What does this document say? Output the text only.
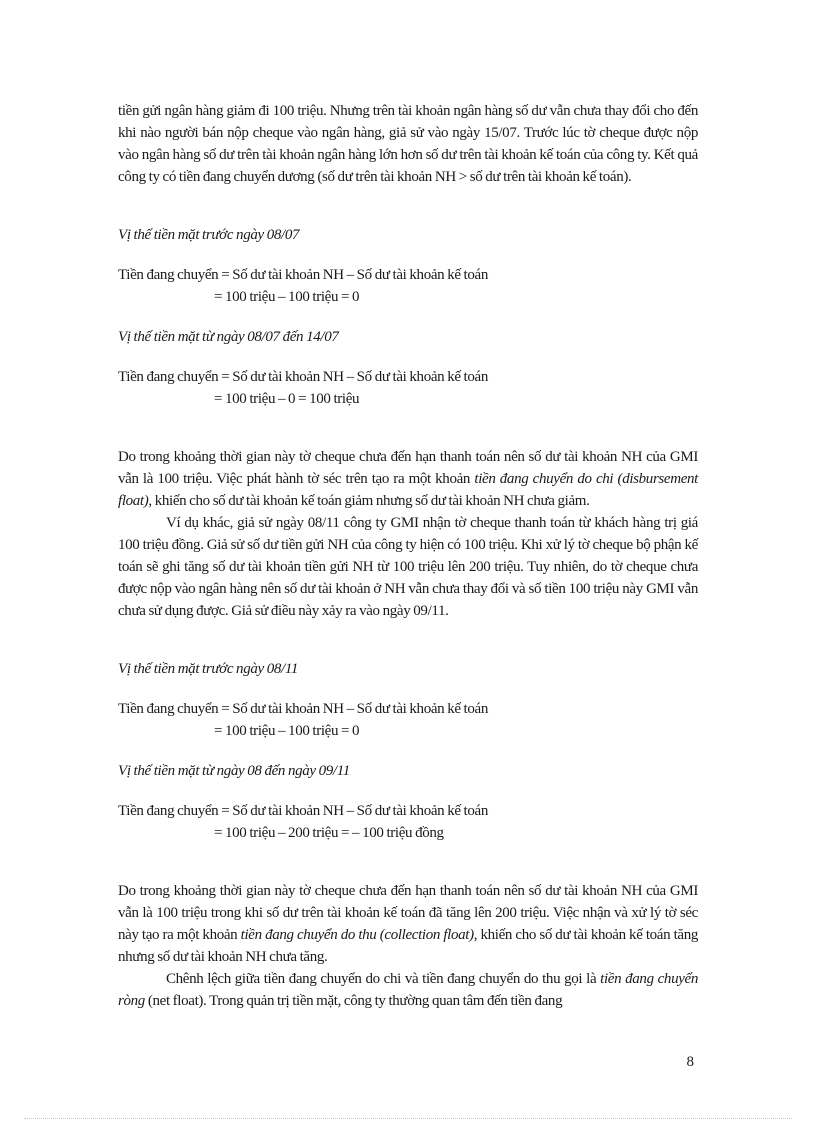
tiền gửi ngân hàng giảm đi 100 triệu. Nhưng trên tài khoản ngân hàng số dư vẫn chưa thay đổi cho đến khi nào người bán nộp cheque vào ngân hàng, giả sử vào ngày 15/07. Trước lúc tờ cheque được nộp vào ngân hàng số dư trên tài khoản ngân hàng lớn hơn số dư trên tài khoản kế toán của công ty. Kết quả công ty có tiền đang chuyển dương (số dư trên tài khoản NH > số dư trên tài khoản kế toán).

Vị thế tiền mặt trước ngày 08/07

Tiền đang chuyển = Số dư tài khoản NH – Số dư tài khoản kế toán

= 100 triệu – 100 triệu = 0

Vị thế tiền mặt từ ngày 08/07 đến 14/07

Tiền đang chuyển = Số dư tài khoản NH – Số dư tài khoản kế toán

= 100 triệu – 0 = 100 triệu

Do trong khoảng thời gian này tờ cheque chưa đến hạn thanh toán nên số dư tài khoản NH của GMI vẫn là 100 triệu. Việc phát hành tờ séc trên tạo ra một khoản tiền đang chuyển do chi (disbursement float), khiến cho số dư tài khoản kế toán giảm nhưng số dư tài khoản NH chưa giảm.

Ví dụ khác, giả sử ngày 08/11 công ty GMI nhận tờ cheque thanh toán từ khách hàng trị giá 100 triệu đồng. Giả sử số dư tiền gửi NH của công ty hiện có 100 triệu. Khi xử lý tờ cheque bộ phận kế toán sẽ ghi tăng số dư tài khoản tiền gửi NH từ 100 triệu lên 200 triệu. Tuy nhiên, do tờ cheque chưa được nộp vào ngân hàng nên số dư tài khoản ở NH vẫn chưa thay đổi và số tiền 100 triệu này GMI vẫn chưa sử dụng được. Giả sử điều này xảy ra vào ngày 09/11.

Vị thế tiền mặt trước ngày 08/11

Tiền đang chuyển = Số dư tài khoản NH – Số dư tài khoản kế toán

= 100 triệu – 100 triệu = 0

Vị thế tiền mặt từ ngày 08 đến ngày 09/11

Tiền đang chuyển = Số dư tài khoản NH – Số dư tài khoản kế toán

= 100 triệu – 200 triệu = – 100 triệu đồng

Do trong khoảng thời gian này tờ cheque chưa đến hạn thanh toán nên số dư tài khoản NH của GMI vẫn là 100 triệu trong khi số dư trên tài khoản kế toán đã tăng lên 200 triệu. Việc nhận và xử lý tờ séc này tạo ra một khoản tiền đang chuyển do thu (collection float), khiến cho số dư tài khoản kế toán tăng nhưng số dư tài khoản NH chưa tăng.

Chênh lệch giữa tiền đang chuyển do chi và tiền đang chuyển do thu gọi là tiền đang chuyển ròng (net float). Trong quản trị tiền mặt, công ty thường quan tâm đến tiền đang

8
